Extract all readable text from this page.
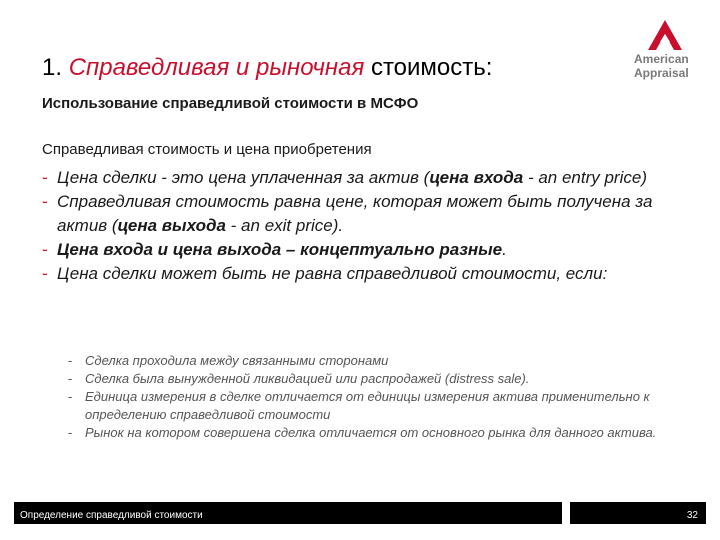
American
Appraisal
1. Справедливая и рыночная стоимость:
Использование справедливой стоимости в МСФО
Справедливая стоимость и цена приобретения
- Цена сделки - это цена уплаченная за актив (цена входа - an entry price)
- Справедливая стоимость равна цене, которая может быть получена за актив (цена выхода - an exit price).
- Цена входа и цена выхода – концептуально разные.
- Цена сделки может быть не равна справедливой стоимости, если:
- Сделка проходила между связанными сторонами
- Сделка была вынужденной ликвидацией или распродажей (distress sale).
- Единица измерения в сделке отличается от единицы измерения актива применительно к определению справедливой стоимости
- Рынок на котором совершена сделка отличается от основного рынка для данного актива.
Определение справедливой стоимости	32
